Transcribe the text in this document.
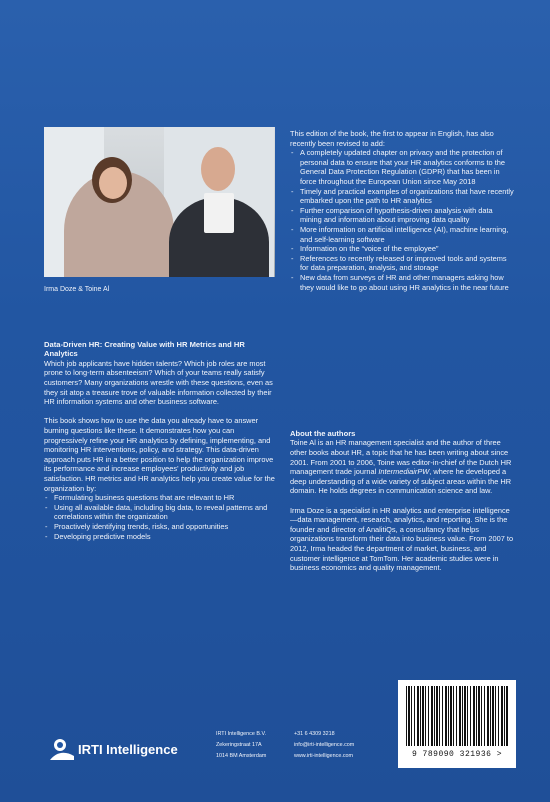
Irma Doze & Toine Al
Data-Driven HR: Creating Value with HR Metrics and HR Analytics

Which job applicants have hidden talents? Which job roles are most prone to long-term absenteeism? Which of your teams really satisfy customers? Many organizations wrestle with these questions, even as they sit atop a treasure trove of valuable information collected by their HR information systems and other business software.

This book shows how to use the data you already have to answer burning questions like these. It demonstrates how you can progressively refine your HR analytics by defining, implementing, and monitoring HR interventions, policy, and strategy. This data-driven approach puts HR in a better position to help the organization improve its performance and increase employees' productivity and job satisfaction. HR metrics and HR analytics help you create value for the organization by:

- Formulating business questions that are relevant to HR
- Using all available data, including big data, to reveal patterns and correlations within the organization
- Proactively identifying trends, risks, and opportunities
- Developing predictive models

This edition of the book, the first to appear in English, has also recently been revised to add:

- A completely updated chapter on privacy and the protection of personal data to ensure that your HR analytics conforms to the General Data Protection Regulation (GDPR) that has been in force throughout the European Union since May 2018
- Timely and practical examples of organizations that have recently embarked upon the path to HR analytics
- Further comparison of hypothesis-driven analysis with data mining and information about improving data quality
- More information on artificial intelligence (AI), machine learning, and self-learning software
- Information on the “voice of the employee”
- References to recently released or improved tools and systems for data preparation, analysis, and storage
- New data from surveys of HR and other managers asking how they would like to go about using HR analytics in the near future
About the authors

Toine Al is an HR management specialist and the author of three other books about HR, a topic that he has been writing about since 2001. From 2001 to 2006, Toine was editor-in-chief of the Dutch HR management trade journal IntermediairPW, where he developed a deep understanding of a wide variety of subject areas within the HR domain. He holds degrees in communication science and law.

Irma Doze is a specialist in HR analytics and enterprise intelligence—data management, research, analytics, and reporting. She is the founder and director of AnalitiQs, a consultancy that helps organizations transform their data into business value. From 2007 to 2012, Irma headed the department of market, business, and customer intelligence at TomTom. Her academic studies were in business economics and quality management.

IRTI Intelligence
IRTI Intelligence B.V.
Zekeringstraat 17A
1014 BM Amsterdam
+31 6 4309 3218
info@irti-intelligence.com
www.irti-intelligence.com	9 789090 321936 >
